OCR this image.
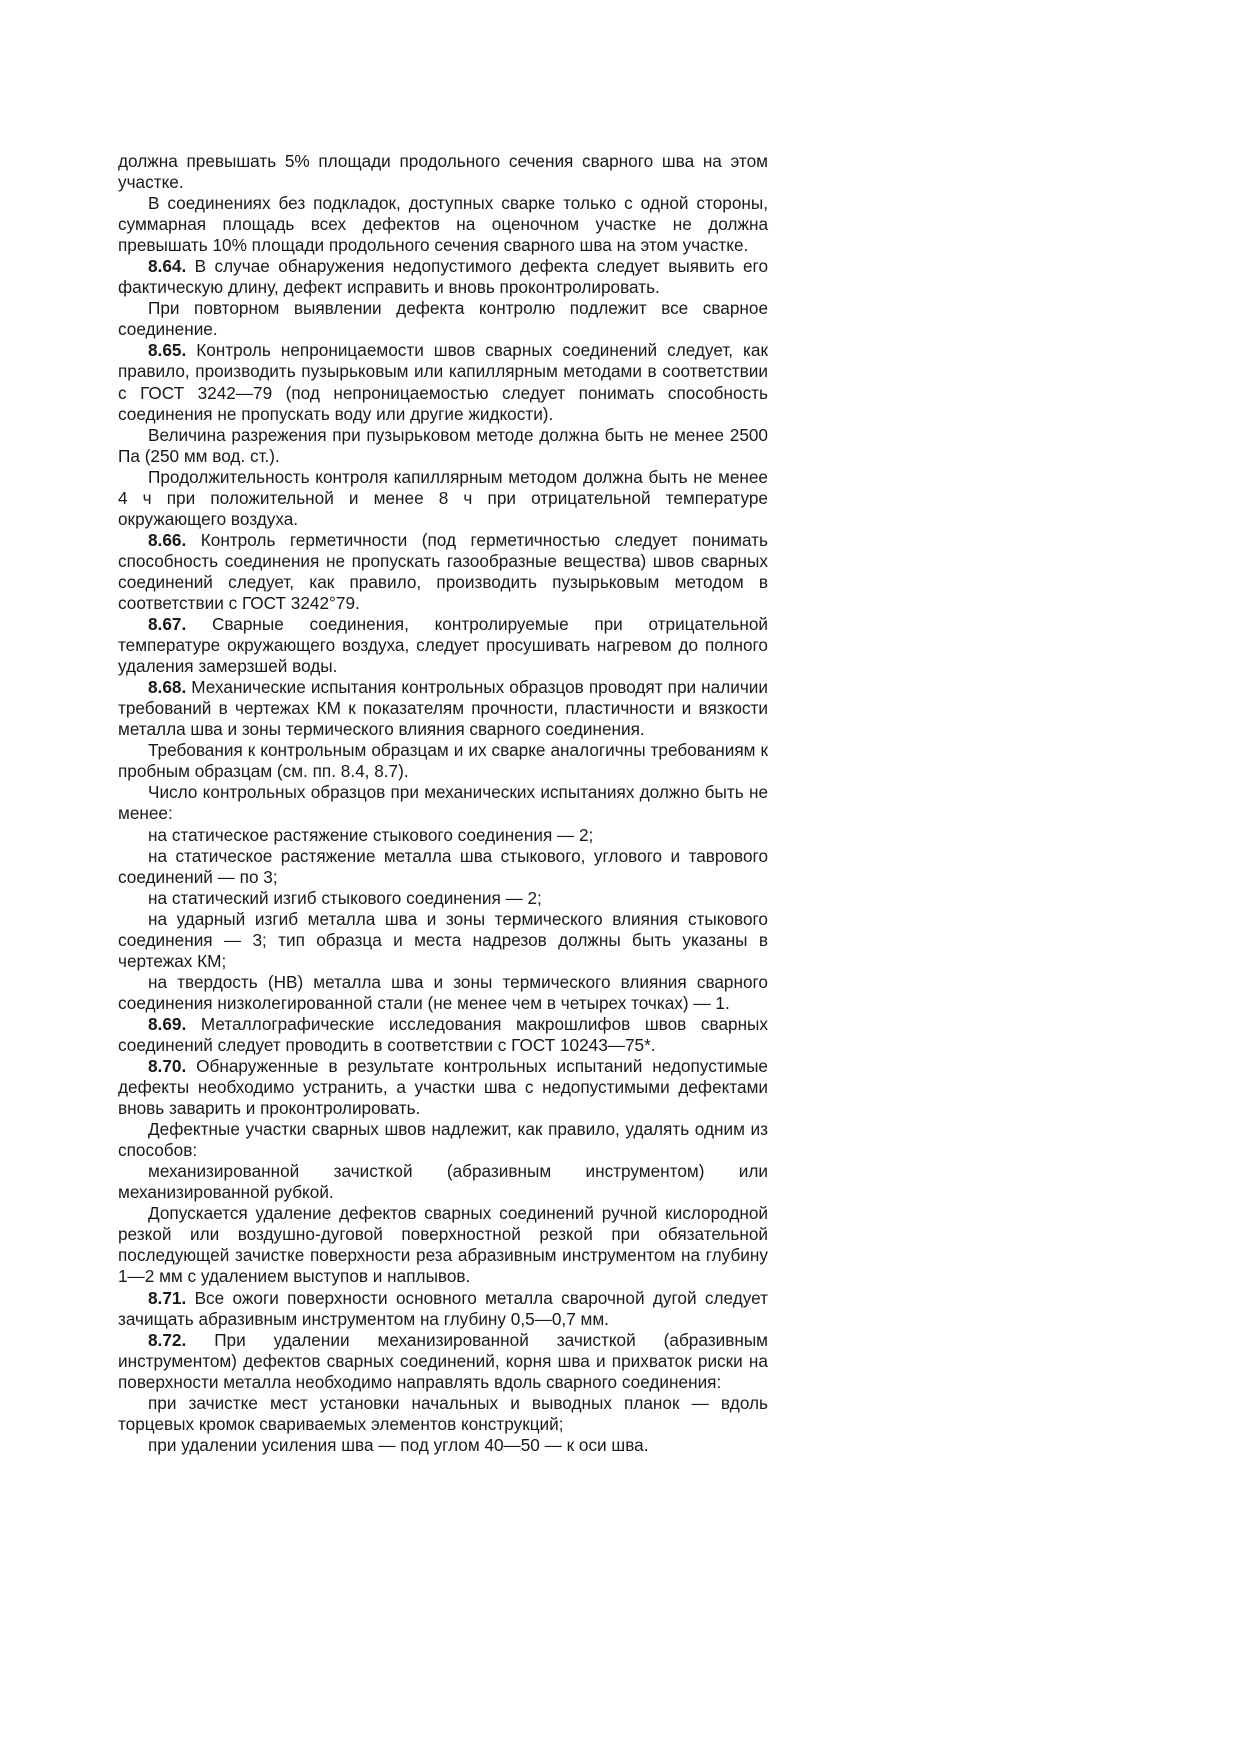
должна превышать 5% площади продольного сечения сварного шва на этом участке.

В соединениях без подкладок, доступных сварке только с одной стороны, суммарная площадь всех дефектов на оценочном участке не должна превышать 10% площади продольного сечения сварного шва на этом участке.

8.64. В случае обнаружения недопустимого дефекта следует выявить его фактическую длину, дефект исправить и вновь проконтролировать.

При повторном выявлении дефекта контролю подлежит все сварное соединение.

8.65. Контроль непроницаемости швов сварных соединений следует, как правило, производить пузырьковым или капиллярным методами в соответствии с ГОСТ 3242—79 (под непроницаемостью следует понимать способность соединения не пропускать воду или другие жидкости).

Величина разрежения при пузырьковом методе должна быть не менее 2500 Па (250 мм вод. ст.).

Продолжительность контроля капиллярным методом должна быть не менее 4 ч при положительной и менее 8 ч при отрицательной температуре окружающего воздуха.

8.66. Контроль герметичности (под герметичностью следует понимать способность соединения не пропускать газообразные вещества) швов сварных соединений следует, как правило, производить пузырьковым методом в соответствии с ГОСТ 3242°79.

8.67. Сварные соединения, контролируемые при отрицательной температуре окружающего воздуха, следует просушивать нагревом до полного удаления замерзшей воды.

8.68. Механические испытания контрольных образцов проводят при наличии требований в чертежах КМ к показателям прочности, пластичности и вязкости металла шва и зоны термического влияния сварного соединения.

Требования к контрольным образцам и их сварке аналогичны требованиям к пробным образцам (см. пп. 8.4, 8.7).

Число контрольных образцов при механических испытаниях должно быть не менее:

на статическое растяжение стыкового соединения — 2;

на статическое растяжение металла шва стыкового, углового и таврового соединений — по 3;

на статический изгиб стыкового соединения — 2;

на ударный изгиб металла шва и зоны термического влияния стыкового соединения — 3; тип образца и места надрезов должны быть указаны в чертежах КМ;

на твердость (НВ) металла шва и зоны термического влияния сварного соединения низколегированной стали (не менее чем в четырех точках) — 1.

8.69. Металлографические исследования макрошлифов швов сварных соединений следует проводить в соответствии с ГОСТ 10243—75*.

8.70. Обнаруженные в результате контрольных испытаний недопустимые дефекты необходимо устранить, а участки шва с недопустимыми дефектами вновь заварить и проконтролировать.

Дефектные участки сварных швов надлежит, как правило, удалять одним из способов:

механизированной зачисткой (абразивным инструментом) или механизированной рубкой.

Допускается удаление дефектов сварных соединений ручной кислородной резкой или воздушно-дуговой поверхностной резкой при обязательной последующей зачистке поверхности реза абразивным инструментом на глубину 1—2 мм с удалением выступов и наплывов.

8.71. Все ожоги поверхности основного металла сварочной дугой следует зачищать абразивным инструментом на глубину 0,5—0,7 мм.

8.72. При удалении механизированной зачисткой (абразивным инструментом) дефектов сварных соединений, корня шва и прихваток риски на поверхности металла необходимо направлять вдоль сварного соединения:

при зачистке мест установки начальных и выводных планок — вдоль торцевых кромок свариваемых элементов конструкций;

при удалении усиления шва — под углом 40—50 — к оси шва.
